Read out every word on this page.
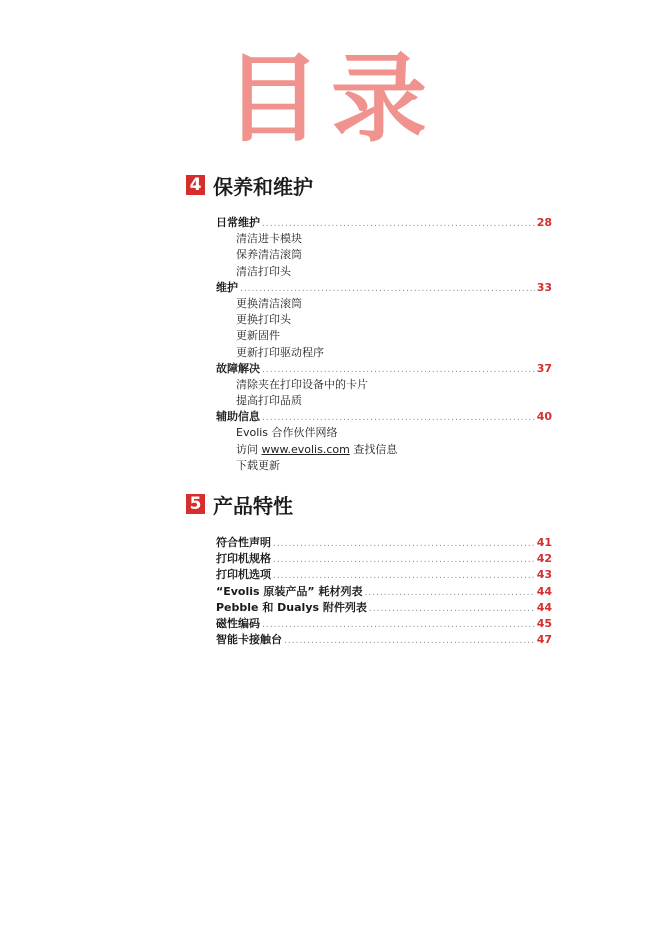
目录
4 保养和维护
日常维护 .....	28
清洁进卡模块
保养清洁滚筒
清洁打印头
维护 .....	33
更换清洁滚筒
更换打印头
更新固件
更新打印驱动程序
故障解决 .....	37
清除夹在打印设备中的卡片
提高打印品质
辅助信息 .....	40
Evolis 合作伙伴网络
访问 www.evolis.com 查找信息
下载更新
5 产品特性
符合性声明 .....	41
打印机规格 .....	42
打印机选项 .....	43
“Evolis 原装产品” 耗材列表 .....	44
Pebble 和 Dualys 附件列表 .....	44
磁性编码 .....	45
智能卡接触台 .....	47
